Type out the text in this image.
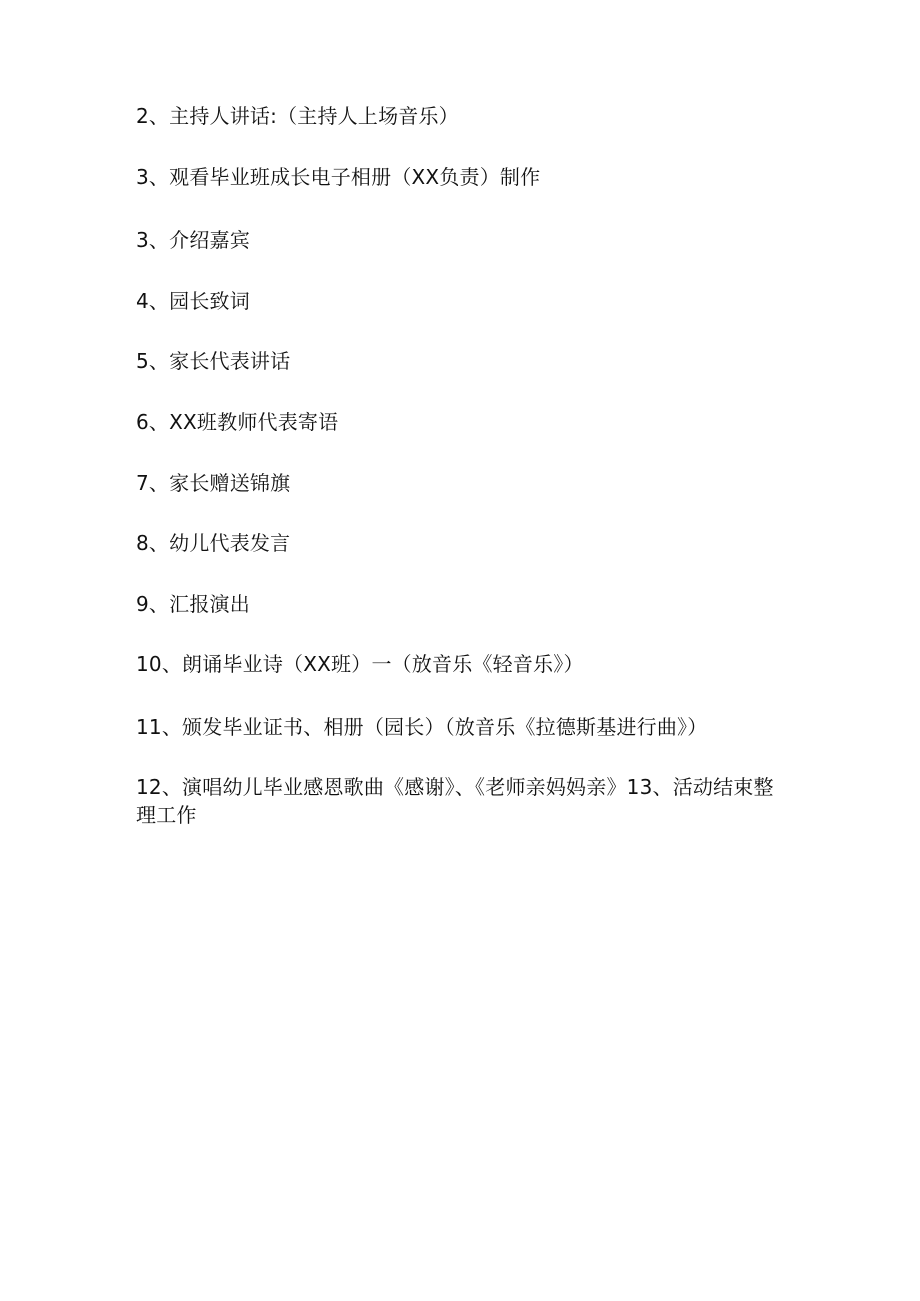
2、主持人讲话:（主持人上场音乐）
3、观看毕业班成长电子相册（XX负责）制作
3、介绍嘉宾
4、园长致词
5、家长代表讲话
6、XX班教师代表寄语
7、家长赠送锦旗
8、幼儿代表发言
9、汇报演出
10、朗诵毕业诗（XX班）一（放音乐《轻音乐》）
11、颁发毕业证书、相册（园长）（放音乐《拉德斯基进行曲》）
12、演唱幼儿毕业感恩歌曲《感谢》、《老师亲妈妈亲》13、活动结束整理工作
